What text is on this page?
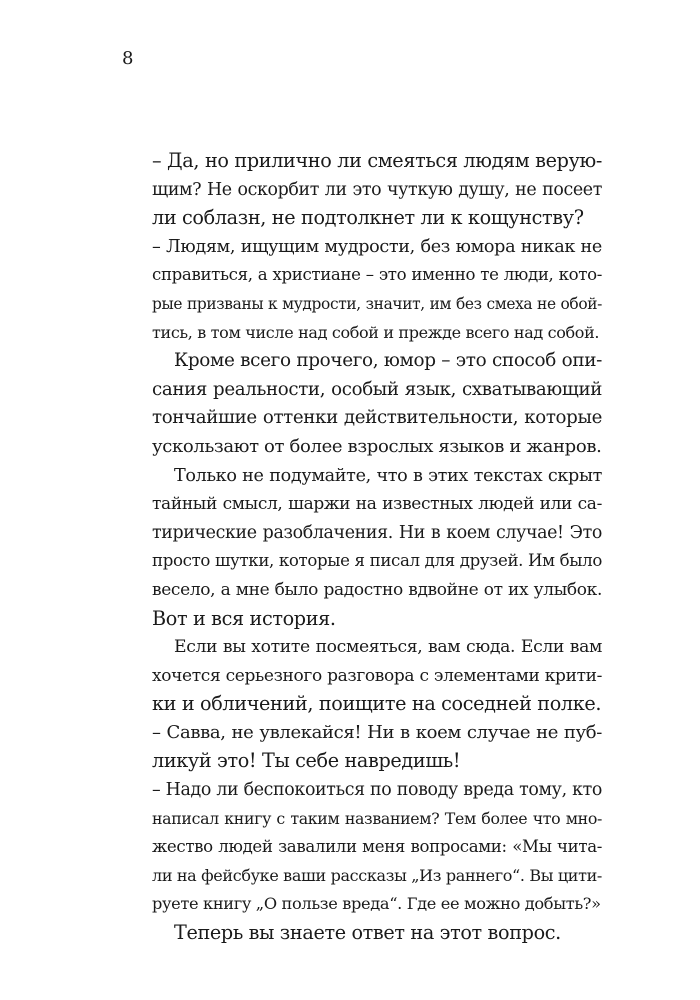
8
– Да, но прилично ли смеяться людям верую-
щим? Не оскорбит ли это чуткую душу, не посеет
ли соблазн, не подтолкнет ли к кощунству?
– Людям, ищущим мудрости, без юмора никак не
справиться, а христиане – это именно те люди, кото-
рые призваны к мудрости, значит, им без смеха не обой-
тись, в том числе над собой и прежде всего над собой.
Кроме всего прочего, юмор – это способ опи-
сания реальности, особый язык, схватывающий
тончайшие оттенки действительности, которые
ускользают от более взрослых языков и жанров.
Только не подумайте, что в этих текстах скрыт
тайный смысл, шаржи на известных людей или са-
тирические разоблачения. Ни в коем случае! Это
просто шутки, которые я писал для друзей. Им было
весело, а мне было радостно вдвойне от их улыбок.
Вот и вся история.
Если вы хотите посмеяться, вам сюда. Если вам
хочется серьезного разговора с элементами крити-
ки и обличений, поищите на соседней полке.
– Савва, не увлекайся! Ни в коем случае не пуб-
ликуй это! Ты себе навредишь!
– Надо ли беспокоиться по поводу вреда тому, кто
написал книгу с таким названием? Тем более что мно-
жество людей завалили меня вопросами: «Мы чита-
ли на фейсбуке ваши рассказы „Из раннего“. Вы цити-
руете книгу „О пользе вреда“. Где ее можно добыть?»
Теперь вы знаете ответ на этот вопрос.
